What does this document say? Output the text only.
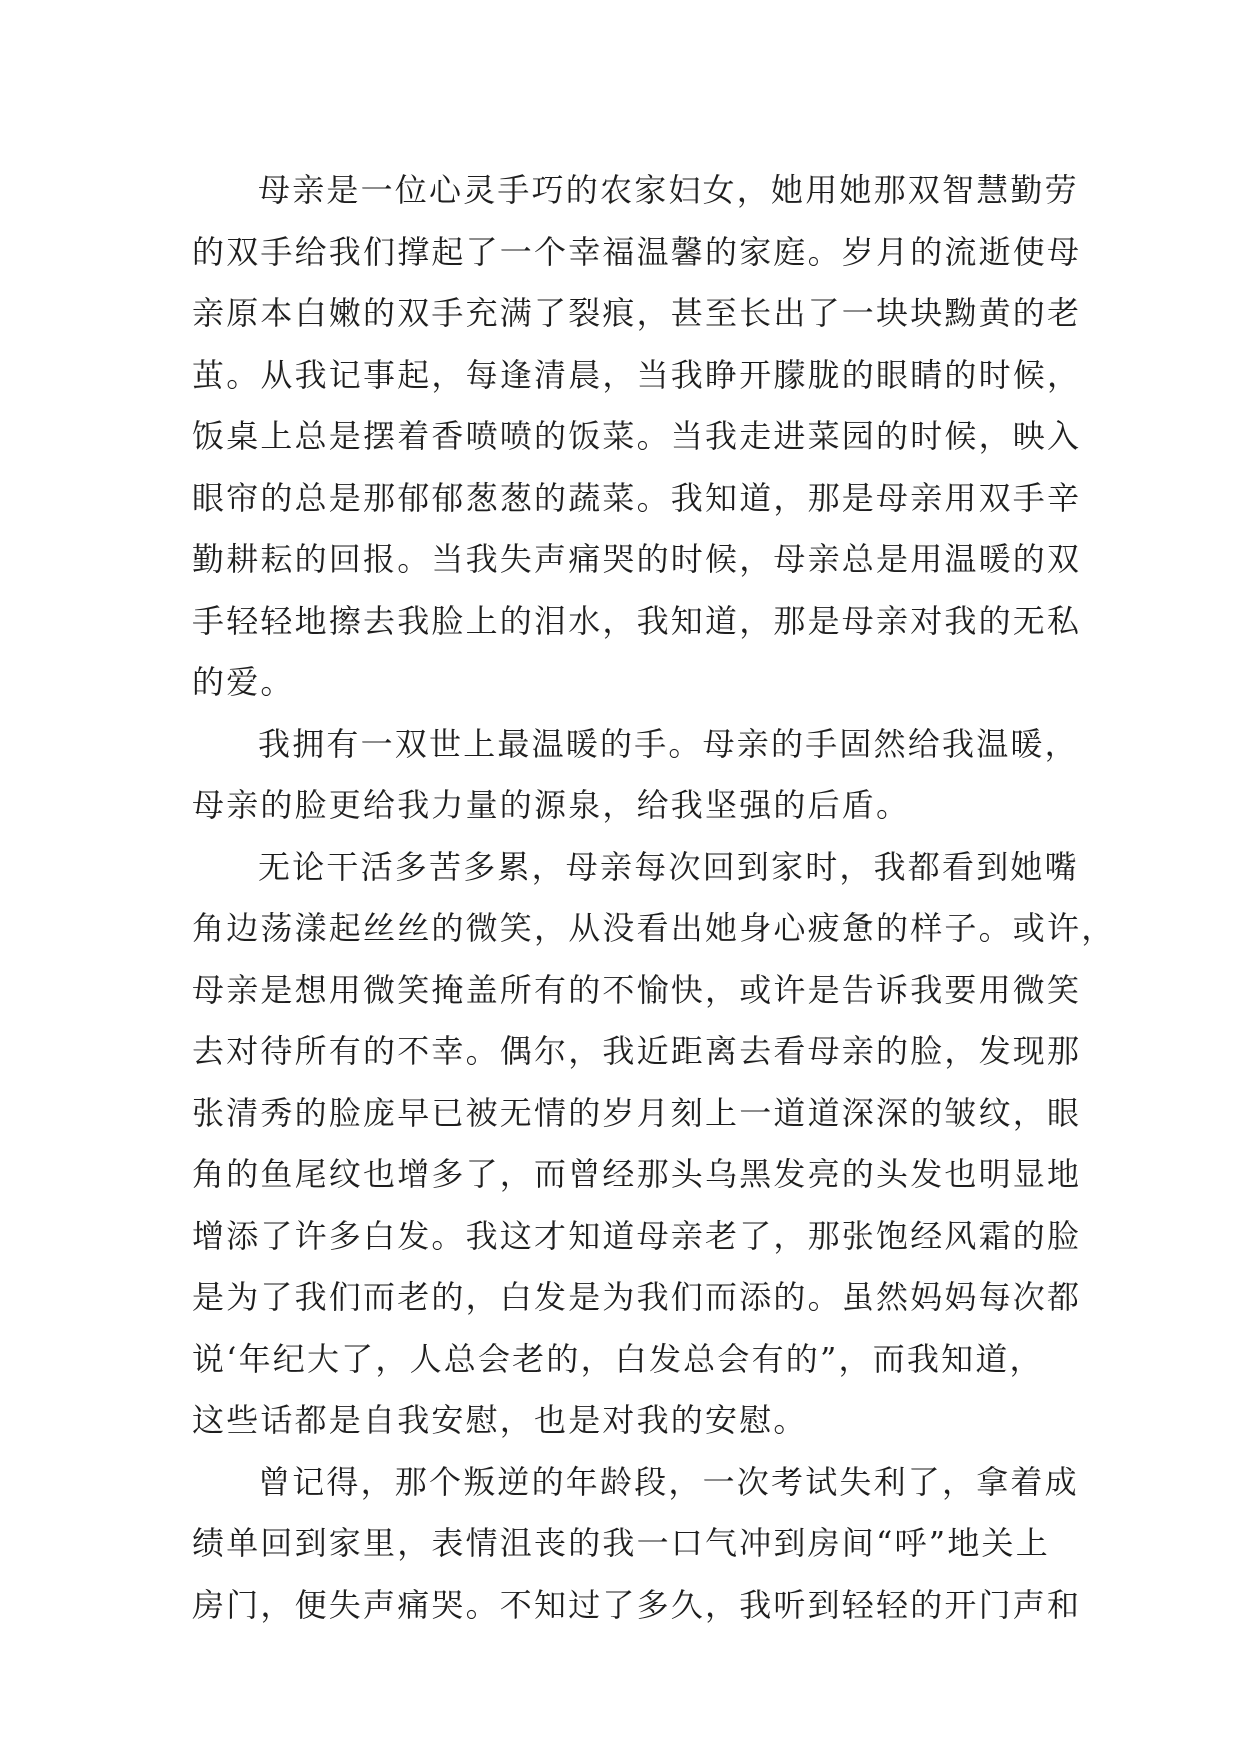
母亲是一位心灵手巧的农家妇女，她用她那双智慧勤劳
的双手给我们撑起了一个幸福温馨的家庭。岁月的流逝使母
亲原本白嫩的双手充满了裂痕，甚至长出了一块块黝黄的老
茧。从我记事起，每逢清晨，当我睁开朦胧的眼睛的时候，
饭桌上总是摆着香喷喷的饭菜。当我走进菜园的时候，映入
眼帘的总是那郁郁葱葱的蔬菜。我知道，那是母亲用双手辛
勤耕耘的回报。当我失声痛哭的时候，母亲总是用温暖的双
手轻轻地擦去我脸上的泪水，我知道，那是母亲对我的无私
的爱。
我拥有一双世上最温暖的手。母亲的手固然给我温暖，
母亲的脸更给我力量的源泉，给我坚强的后盾。
无论干活多苦多累，母亲每次回到家时，我都看到她嘴
角边荡漾起丝丝的微笑，从没看出她身心疲惫的样子。或许，
母亲是想用微笑掩盖所有的不愉快，或许是告诉我要用微笑
去对待所有的不幸。偶尔，我近距离去看母亲的脸，发现那
张清秀的脸庞早已被无情的岁月刻上一道道深深的皱纹，眼
角的鱼尾纹也增多了，而曾经那头乌黑发亮的头发也明显地
增添了许多白发。我这才知道母亲老了，那张饱经风霜的脸
是为了我们而老的，白发是为我们而添的。虽然妈妈每次都
说‘年纪大了，人总会老的，白发总会有的”，而我知道，
这些话都是自我安慰，也是对我的安慰。
曾记得，那个叛逆的年龄段，一次考试失利了，拿着成
绩单回到家里，表情沮丧的我一口气冲到房间“呼”地关上
房门，便失声痛哭。不知过了多久，我听到轻轻的开门声和
